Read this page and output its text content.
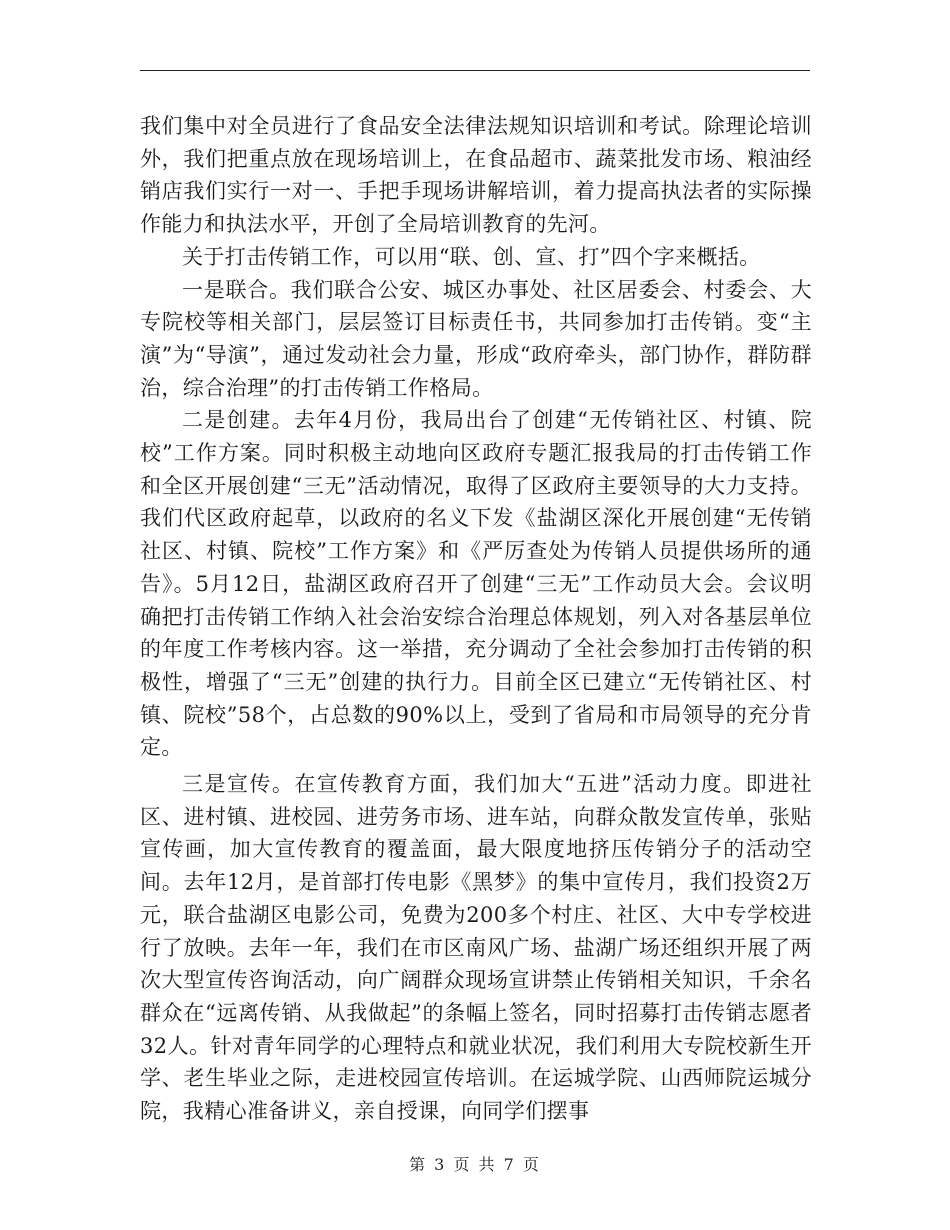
我们集中对全员进行了食品安全法律法规知识培训和考试。除理论培训外，我们把重点放在现场培训上，在食品超市、蔬菜批发市场、粮油经销店我们实行一对一、手把手现场讲解培训，着力提高执法者的实际操作能力和执法水平，开创了全局培训教育的先河。

关于打击传销工作，可以用“联、创、宣、打”四个字来概括。

一是联合。我们联合公安、城区办事处、社区居委会、村委会、大专院校等相关部门，层层签订目标责任书，共同参加打击传销。变“主演”为“导演”，通过发动社会力量，形成“政府牵头，部门协作，群防群治，综合治理”的打击传销工作格局。

二是创建。去年4月份，我局出台了创建“无传销社区、村镇、院校”工作方案。同时积极主动地向区政府专题汇报我局的打击传销工作和全区开展创建“三无”活动情况，取得了区政府主要领导的大力支持。我们代区政府起草，以政府的名义下发《盐湖区深化开展创建“无传销社区、村镇、院校”工作方案》和《严厉查处为传销人员提供场所的通告》。5月12日，盐湖区政府召开了创建“三无”工作动员大会。会议明确把打击传销工作纳入社会治安综合治理总体规划，列入对各基层单位的年度工作考核内容。这一举措，充分调动了全社会参加打击传销的积极性，增强了“三无”创建的执行力。目前全区已建立“无传销社区、村镇、院校”58个，占总数的90%以上，受到了省局和市局领导的充分肯定。

三是宣传。在宣传教育方面，我们加大“五进”活动力度。即进社区、进村镇、进校园、进劳务市场、进车站，向群众散发宣传单，张贴宣传画，加大宣传教育的覆盖面，最大限度地挤压传销分子的活动空间。去年12月，是首部打传电影《黑梦》的集中宣传月，我们投资2万元，联合盐湖区电影公司，免费为200多个村庄、社区、大中专学校进行了放映。去年一年，我们在市区南风广场、盐湖广场还组织开展了两次大型宣传咨询活动，向广阔群众现场宣讲禁止传销相关知识，千余名群众在“远离传销、从我做起”的条幅上签名，同时招募打击传销志愿者32人。针对青年同学的心理特点和就业状况，我们利用大专院校新生开学、老生毕业之际，走进校园宣传培训。在运城学院、山西师院运城分院，我精心准备讲义，亲自授课，向同学们摆事

第 3 页 共 7 页
